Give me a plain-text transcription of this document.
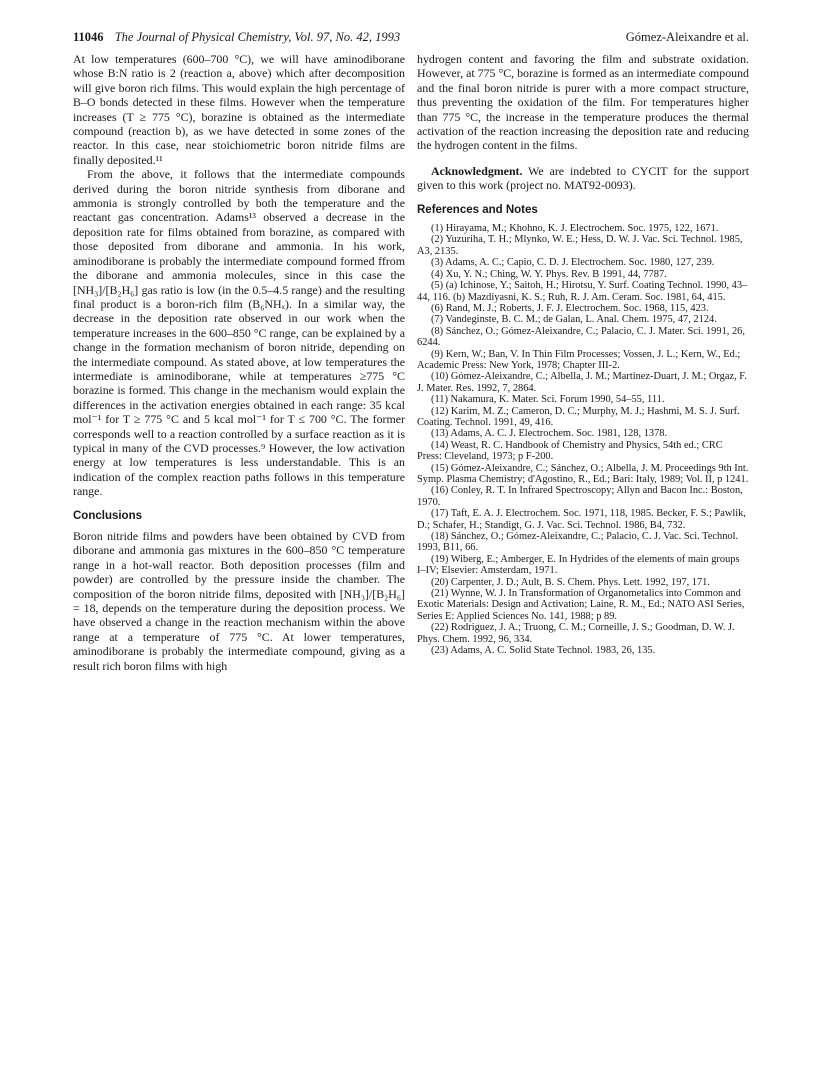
11046 The Journal of Physical Chemistry, Vol. 97, No. 42, 1993	Gómez-Aleixandre et al.

At low temperatures (600–700 °C), we will have aminodiborane whose B:N ratio is 2 (reaction a, above) which after decomposition will give boron rich films. This would explain the high percentage of B–O bonds detected in these films. However when the temperature increases (T ≥ 775 °C), borazine is obtained as the intermediate compound (reaction b), as we have detected in some zones of the reactor. In this case, near stoichiometric boron nitride films are finally deposited.¹¹

From the above, it follows that the intermediate compounds derived during the boron nitride synthesis from diborane and ammonia is strongly controlled by both the temperature and the reactant gas concentration. Adams¹³ observed a decrease in the deposition rate for films obtained from borazine, as compared with those deposited from diborane and ammonia. In his work, aminodiborane is probably the intermediate compound formed ffrom the diborane and ammonia molecules, since in this case the [NH₃]/[B₂H₆] gas ratio is low (in the 0.5–4.5 range) and the resulting final product is a boron-rich film (B₆NHₓ). In a similar way, the decrease in the deposition rate observed in our work when the temperature increases in the 600–850 °C range, can be explained by a change in the formation mechanism of boron nitride, depending on the intermediate compound. As stated above, at low temperatures the intermediate is aminodiborane, while at temperatures ≥775 °C borazine is formed. This change in the mechanism would explain the differences in the activation energies obtained in each range: 35 kcal mol⁻¹ for T ≥ 775 °C and 5 kcal mol⁻¹ for T ≤ 700 °C. The former corresponds well to a reaction controlled by a surface reaction as it is typical in many of the CVD processes.⁹ However, the low activation energy at low temperatures is less understandable. This is an indication of the complex reaction paths follows in this temperature range.

Conclusions

Boron nitride films and powders have been obtained by CVD from diborane and ammonia gas mixtures in the 600–850 °C temperature range in a hot-wall reactor. Both deposition processes (film and powder) are controlled by the pressure inside the chamber. The composition of the boron nitride films, deposited with [NH₃]/[B₂H₆] = 18, depends on the temperature during the deposition process. We have observed a change in the reaction mechanism within the above range at a temperature of 775 °C. At lower temperatures, aminodiborane is probably the intermediate compound, giving as a result rich boron films with high

hydrogen content and favoring the film and substrate oxidation. However, at 775 °C, borazine is formed as an intermediate compound and the final boron nitride is purer with a more compact structure, thus preventing the oxidation of the film. For temperatures higher than 775 °C, the increase in the temperature produces the thermal activation of the reaction increasing the deposition rate and reducing the hydrogen content in the films.

Acknowledgment. We are indebted to CYCIT for the support given to this work (project no. MAT92-0093).

References and Notes

(1) Hirayama, M.; Khohno, K. J. Electrochem. Soc. 1975, 122, 1671.

(2) Yuzuriha, T. H.; Mlynko, W. E.; Hess, D. W. J. Vac. Sci. Technol. 1985, A3, 2135.

(3) Adams, A. C.; Capio, C. D. J. Electrochem. Soc. 1980, 127, 239.

(4) Xu, Y. N.; Ching, W. Y. Phys. Rev. B 1991, 44, 7787.

(5) (a) Ichinose, Y.; Saitoh, H.; Hirotsu, Y. Surf. Coating Technol. 1990, 43–44, 116. (b) Mazdiyasni, K. S.; Ruh, R. J. Am. Ceram. Soc. 1981, 64, 415.

(6) Rand, M. J.; Roberts, J. F. J. Electrochem. Soc. 1968, 115, 423.

(7) Vandeginste, B. C. M.; de Galan, L. Anal. Chem. 1975, 47, 2124.

(8) Sánchez, O.; Gómez-Aleixandre, C.; Palacio, C. J. Mater. Sci. 1991, 26, 6244.

(9) Kern, W.; Ban, V. In Thin Film Processes; Vossen, J. L.; Kern, W., Ed.; Academic Press: New York, 1978; Chapter III-2.

(10) Gómez-Aleixandre, C.; Albella, J. M.; Martinez-Duart, J. M.; Orgaz, F. J. Mater. Res. 1992, 7, 2864.

(11) Nakamura, K. Mater. Sci. Forum 1990, 54–55, 111.

(12) Karim, M. Z.; Cameron, D. C.; Murphy, M. J.; Hashmi, M. S. J. Surf. Coating. Technol. 1991, 49, 416.

(13) Adams, A. C. J. Electrochem. Soc. 1981, 128, 1378.

(14) Weast, R. C. Handbook of Chemistry and Physics, 54th ed.; CRC Press: Cleveland, 1973; p F-200.

(15) Gómez-Aleixandre, C.; Sánchez, O.; Albella, J. M. Proceedings 9th Int. Symp. Plasma Chemistry; d'Agostino, R., Ed.; Bari: Italy, 1989; Vol. II, p 1241.

(16) Conley, R. T. In Infrared Spectroscopy; Allyn and Bacon Inc.: Boston, 1970.

(17) Taft, E. A. J. Electrochem. Soc. 1971, 118, 1985. Becker, F. S.; Pawlik, D.; Schafer, H.; Standigt, G. J. Vac. Sci. Technol. 1986, B4, 732.

(18) Sánchez, O.; Gómez-Aleixandre, C.; Palacio, C. J. Vac. Sci. Technol. 1993, B11, 66.

(19) Wiberg, E.; Amberger, E. In Hydrides of the elements of main groups I–IV; Elsevier: Amsterdam, 1971.

(20) Carpenter, J. D.; Ault, B. S. Chem. Phys. Lett. 1992, 197, 171.

(21) Wynne, W. J. In Transformation of Organometalics into Common and Exotic Materials: Design and Activation; Laine, R. M., Ed.; NATO ASI Series, Series E: Applied Sciences No. 141, 1988; p 89.

(22) Rodriguez, J. A.; Truong, C. M.; Corneille, J. S.; Goodman, D. W. J. Phys. Chem. 1992, 96, 334.

(23) Adams, A. C. Solid State Technol. 1983, 26, 135.
